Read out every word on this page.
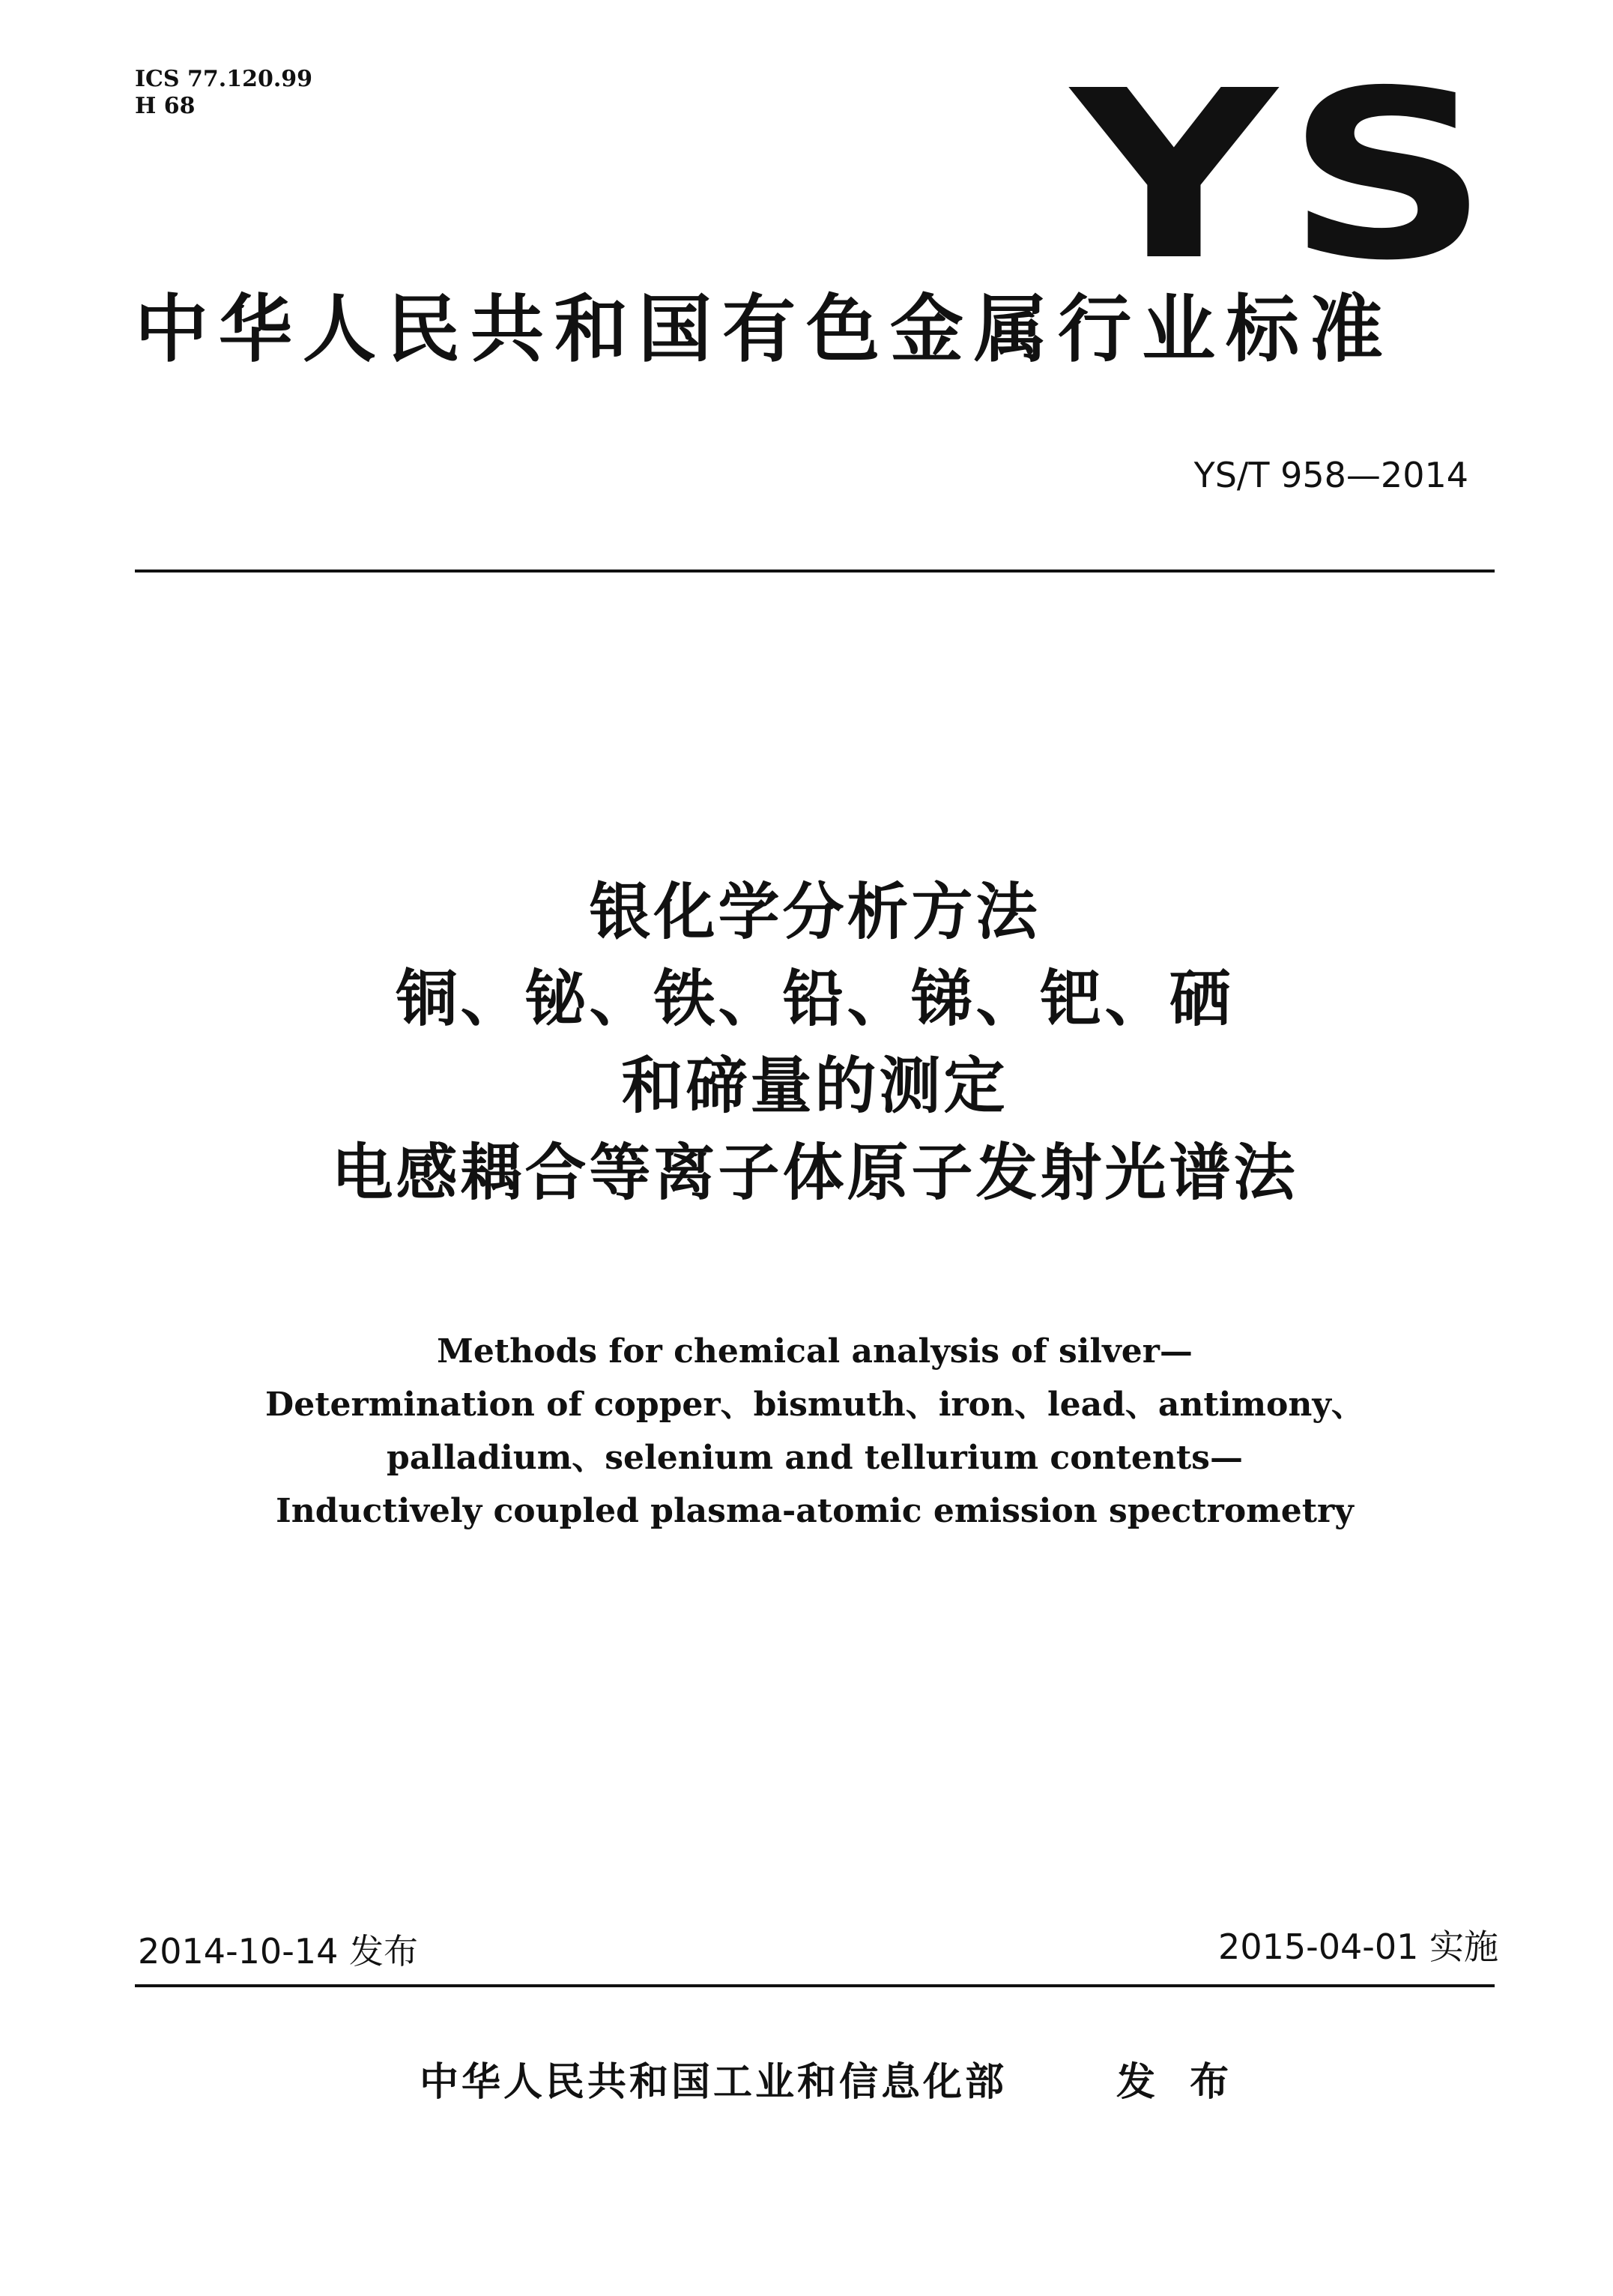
ICS 77.120.99
H 68	YS
中华人民共和国有色金属行业标准
YS/T 958—2014
银化学分析方法
铜、铋、铁、铅、锑、钯、硒
和碲量的测定
电感耦合等离子体原子发射光谱法
Methods for chemical analysis of silver—
Determination of copper、bismuth、iron、lead、antimony、
palladium、selenium and tellurium contents—
Inductively coupled plasma-atomic emission spectrometry
2014-10-14 发布	2015-04-01 实施
中华人民共和国工业和信息化部	发 布
